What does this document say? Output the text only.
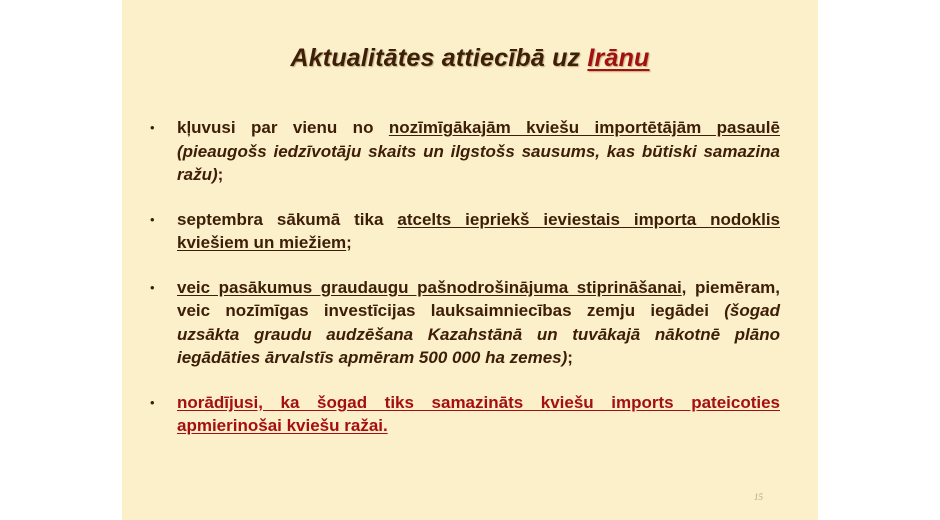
Aktualitātes attiecībā uz Irānu
• kļuvusi par vienu no nozīmīgākajām kviešu importētājām pasaulē (pieaugošs iedzīvotāju skaits un ilgstošs sausums, kas būtiski samazina ražu);
• septembra sākumā tika atcelts iepriekš ieviestais importa nodoklis kviešiem un miežiem;
• veic pasākumus graudaugu pašnodrošinājuma stiprināšanai, piemēram, veic nozīmīgas investīcijas lauksaimniecības zemju iegādei (šogad uzsākta graudu audzēšana Kazahstānā un tuvākajā nākotnē plāno iegādāties ārvalstīs apmēram 500 000 ha zemes);
• norādījusi, ka šogad tiks samazināts kviešu imports pateicoties apmierinošai kviešu ražai.
15
